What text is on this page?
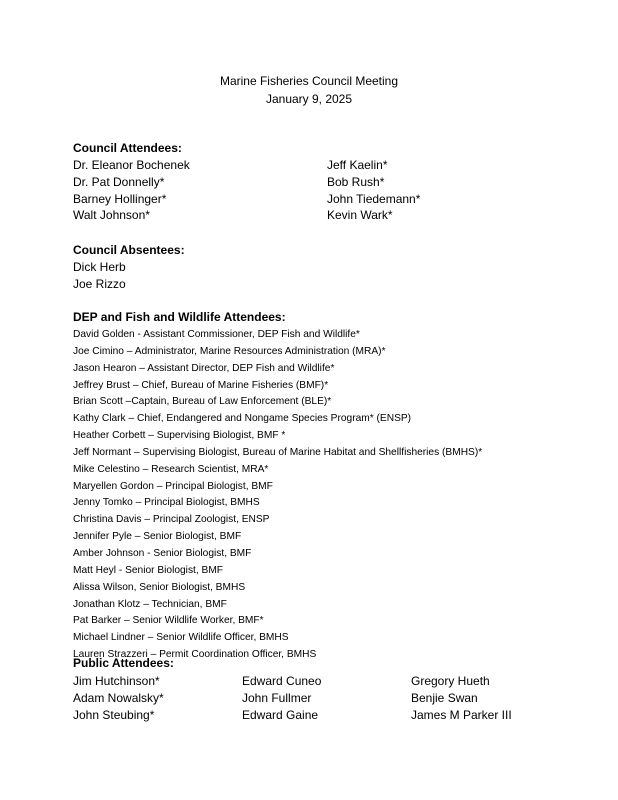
Marine Fisheries Council Meeting
January 9, 2025
Council Attendees:
Dr. Eleanor Bochenek
Dr. Pat Donnelly*
Barney Hollinger*
Walt Johnson*
Jeff Kaelin*
Bob Rush*
John Tiedemann*
Kevin Wark*
Council Absentees:
Dick Herb
Joe Rizzo
DEP and Fish and Wildlife Attendees:
David Golden - Assistant Commissioner, DEP Fish and Wildlife*
Joe Cimino – Administrator, Marine Resources Administration (MRA)*
Jason Hearon – Assistant Director, DEP Fish and Wildlife*
Jeffrey Brust – Chief, Bureau of Marine Fisheries (BMF)*
Brian Scott –Captain, Bureau of Law Enforcement (BLE)*
Kathy Clark – Chief, Endangered and Nongame Species Program* (ENSP)
Heather Corbett – Supervising Biologist, BMF *
Jeff Normant – Supervising Biologist, Bureau of Marine Habitat and Shellfisheries (BMHS)*
Mike Celestino – Research Scientist, MRA*
Maryellen Gordon – Principal Biologist, BMF
Jenny Tomko – Principal Biologist, BMHS
Christina Davis – Principal Zoologist, ENSP
Jennifer Pyle – Senior Biologist, BMF
Amber Johnson - Senior Biologist, BMF
Matt Heyl - Senior Biologist, BMF
Alissa Wilson, Senior Biologist, BMHS
Jonathan Klotz – Technician, BMF
Pat Barker – Senior Wildlife Worker, BMF*
Michael Lindner – Senior Wildlife Officer, BMHS
Lauren Strazzeri – Permit Coordination Officer, BMHS
Public Attendees:
Jim Hutchinson*
Adam Nowalsky*
John Steubing*
Edward Cuneo
John Fullmer
Edward Gaine
Gregory Hueth
Benjie Swan
James M Parker III
